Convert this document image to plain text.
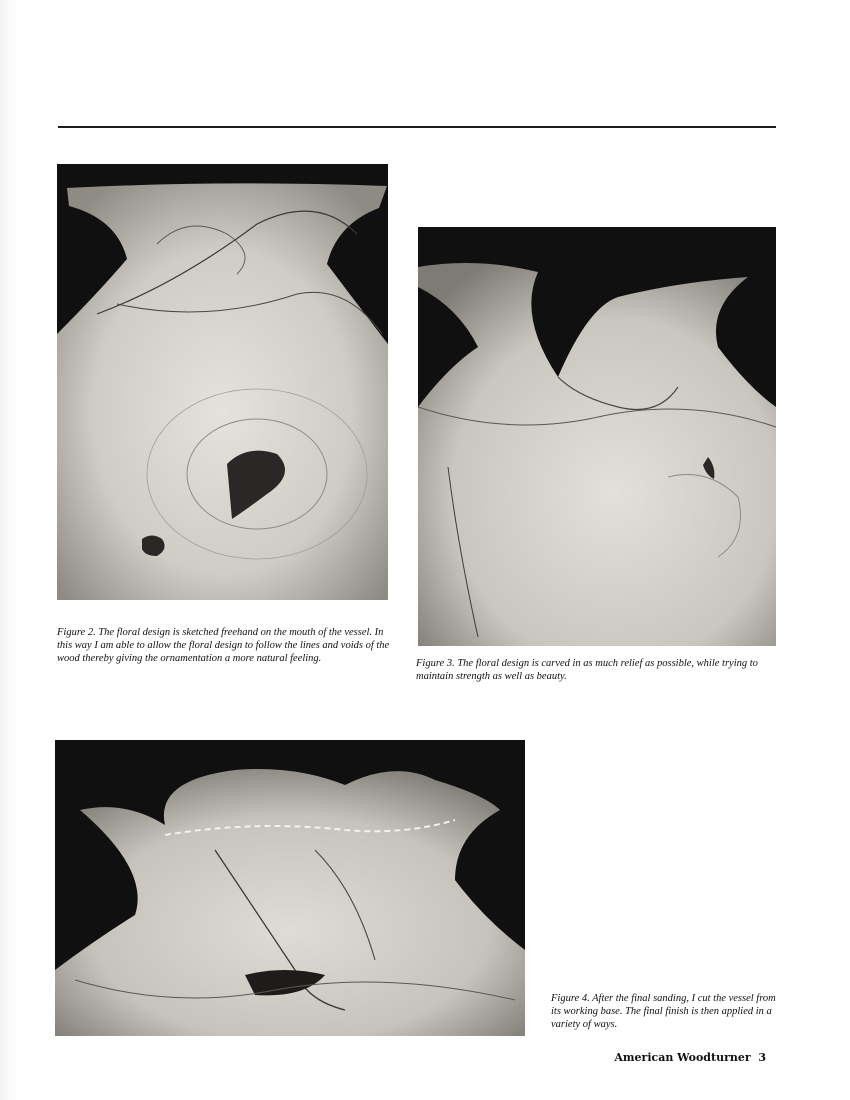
Figure 2. The floral design is sketched freehand on the mouth of the vessel. In this way I am able to allow the floral design to follow the lines and voids of the wood thereby giving the ornamentation a more natural feeling.	Figure 3. The floral design is carved in as much relief as possible, while trying to maintain strength as well as beauty.

Figure 4. After the final sanding, I cut the vessel from its working base. The final finish is then applied in a variety of ways.

American Woodturner 3
